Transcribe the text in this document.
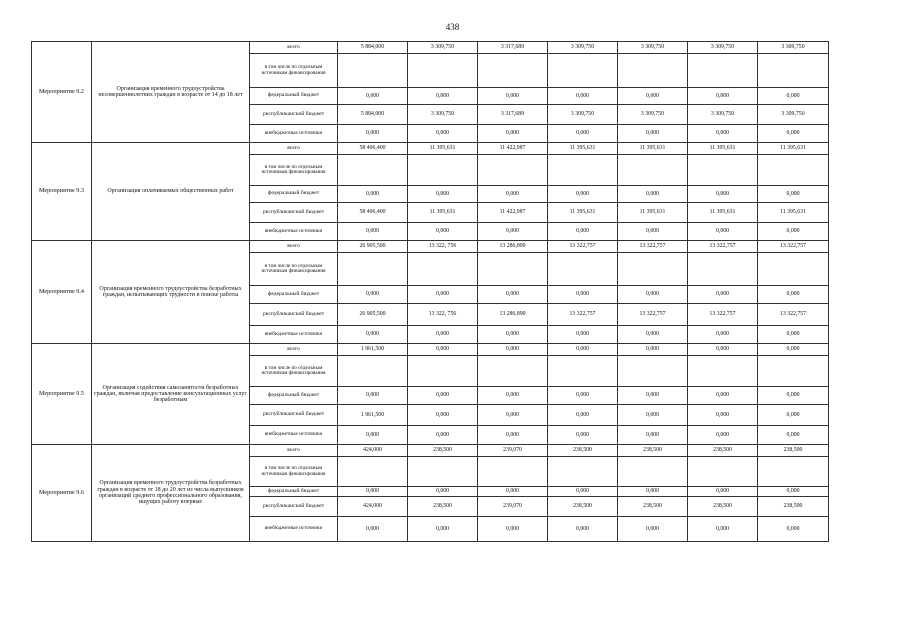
438
Мероприятие 9.2	Организация временного трудоустройства несовершеннолетних граждан в возрасте от 14 до 18 лет	всего	5 884,000	3 309,750	3 317,689	3 309,750	3 309,750	3 309,750	3 309,750
		в том числе по отдельным источникам финансирования							
		федеральный бюджет	0,000	0,000	0,000	0,000	0,000	0,000	0,000
		республиканский бюджет	5 884,000	3 309,750	3 317,689	3 309,750	3 309,750	3 309,750	3 309,750
		внебюджетные источники	0,000	0,000	0,000	0,000	0,000	0,000	0,000
Мероприятие 9.3	Организация оплачиваемых общественных работ	всего	58 406,400	11 395,631	11 422,987	11 395,631	11 395,631	11 395,631	11 395,631
		в том числе по отдельным источникам финансирования							
		федеральный бюджет	0,000	0,000	0,000	0,000	0,000	0,000	0,000
		республиканский бюджет	58 406,400	11 395,631	11 422,987	11 395,631	11 395,631	11 395,631	11 395,631
		внебюджетные источники	0,000	0,000	0,000	0,000	0,000	0,000	0,000
Мероприятие 9.4	Организация временного трудоустройства безработных граждан, испытывающих трудности в поиске работы	всего	26 905,500	13 322, 756	13 286,890	13 322,757	13 322,757	13 322,757	13 322,757
		в том числе по отдельным источникам финансирования							
		федеральный бюджет	0,000	0,000	0,000	0,000	0,000	0,000	0,000
		республиканский бюджет	26 905,500	13 322, 756	13 286,890	13 322,757	13 322,757	13 322,757	13 322,757
		внебюджетные источники	0,000	0,000	0,000	0,000	0,000	0,000	0,000
Мероприятие 9.5	Организация содействия самозанятости безработных граждан, включая предоставление консультационных услуг безработным	всего	1 961,500	0,000	0,000	0,000	0,000	0,000	0,000
		в том числе по отдельным источникам финансирования							
		федеральный бюджет	0,000	0,000	0,000	0,000	0,000	0,000	0,000
		республиканский бюджет	1 961,500	0,000	0,000	0,000	0,000	0,000	0,000
		внебюджетные источники	0,000	0,000	0,000	0,000	0,000	0,000	0,000
Мероприятие 9.6	Организация временного трудоустройства безработных граждан в возрасте от 18 до 20 лет из числа выпускников организаций среднего профессионального образования, ищущих работу впервые	всего	424,000	238,500	239,070	238,500	238,500	238,500	238,500
		в том числе по отдельным источникам финансирования							
		федеральный бюджет	0,000	0,000	0,000	0,000	0,000	0,000	0,000
		республиканский бюджет	424,000	238,500	239,070	238,500	238,500	238,500	238,500
		внебюджетные источники	0,000	0,000	0,000	0,000	0,000	0,000	0,000
